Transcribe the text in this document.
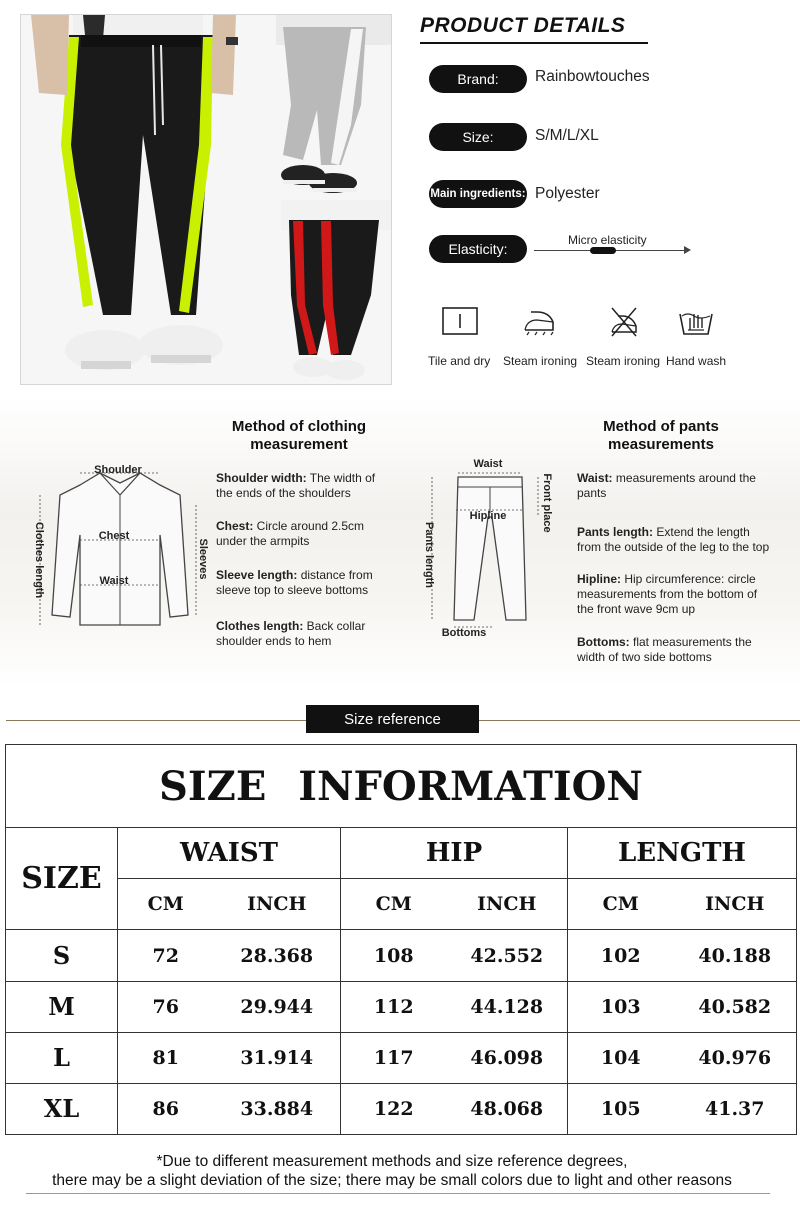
PRODUCT DETAILS
Brand:	Rainbowtouches
Size:	S/M/L/XL
Main ingredients: Polyester
Elasticity:
Micro elasticity
Tile and dry Steam ironing Steam ironing Hand wash
Shoulder
Chest
Waist
Clothes length	Sleeves
Method of clothing
measurement
Shoulder width: The width of the ends of the shoulders
Chest: Circle around 2.5cm under the armpits
Sleeve length: distance from sleeve top to sleeve bottoms
Clothes length: Back collar shoulder ends to hem
Waist
Hipline
Pants length
Front place
Bottoms
Method of pants
measurements
Waist: measurements around the pants
Pants length: Extend the length from the outside of the leg to the top
Hipline: Hip circumference: circle measurements from the bottom of the front wave 9cm up
Bottoms: flat measurements the width of two side bottoms
Size reference
SIZE INFORMATION						
SIZE	WAIST		HIP		LENGTH	
	CM	INCH	CM	INCH	CM	INCH
S	72	28.368	108	42.552	102	40.188
M	76	29.944	112	44.128	103	40.582
L	81	31.914	117	46.098	104	40.976
XL	86	33.884	122	48.068	105	41.37
*Due to different measurement methods and size reference degrees,
there may be a slight deviation of the size; there may be small colors due to light and other reasons
